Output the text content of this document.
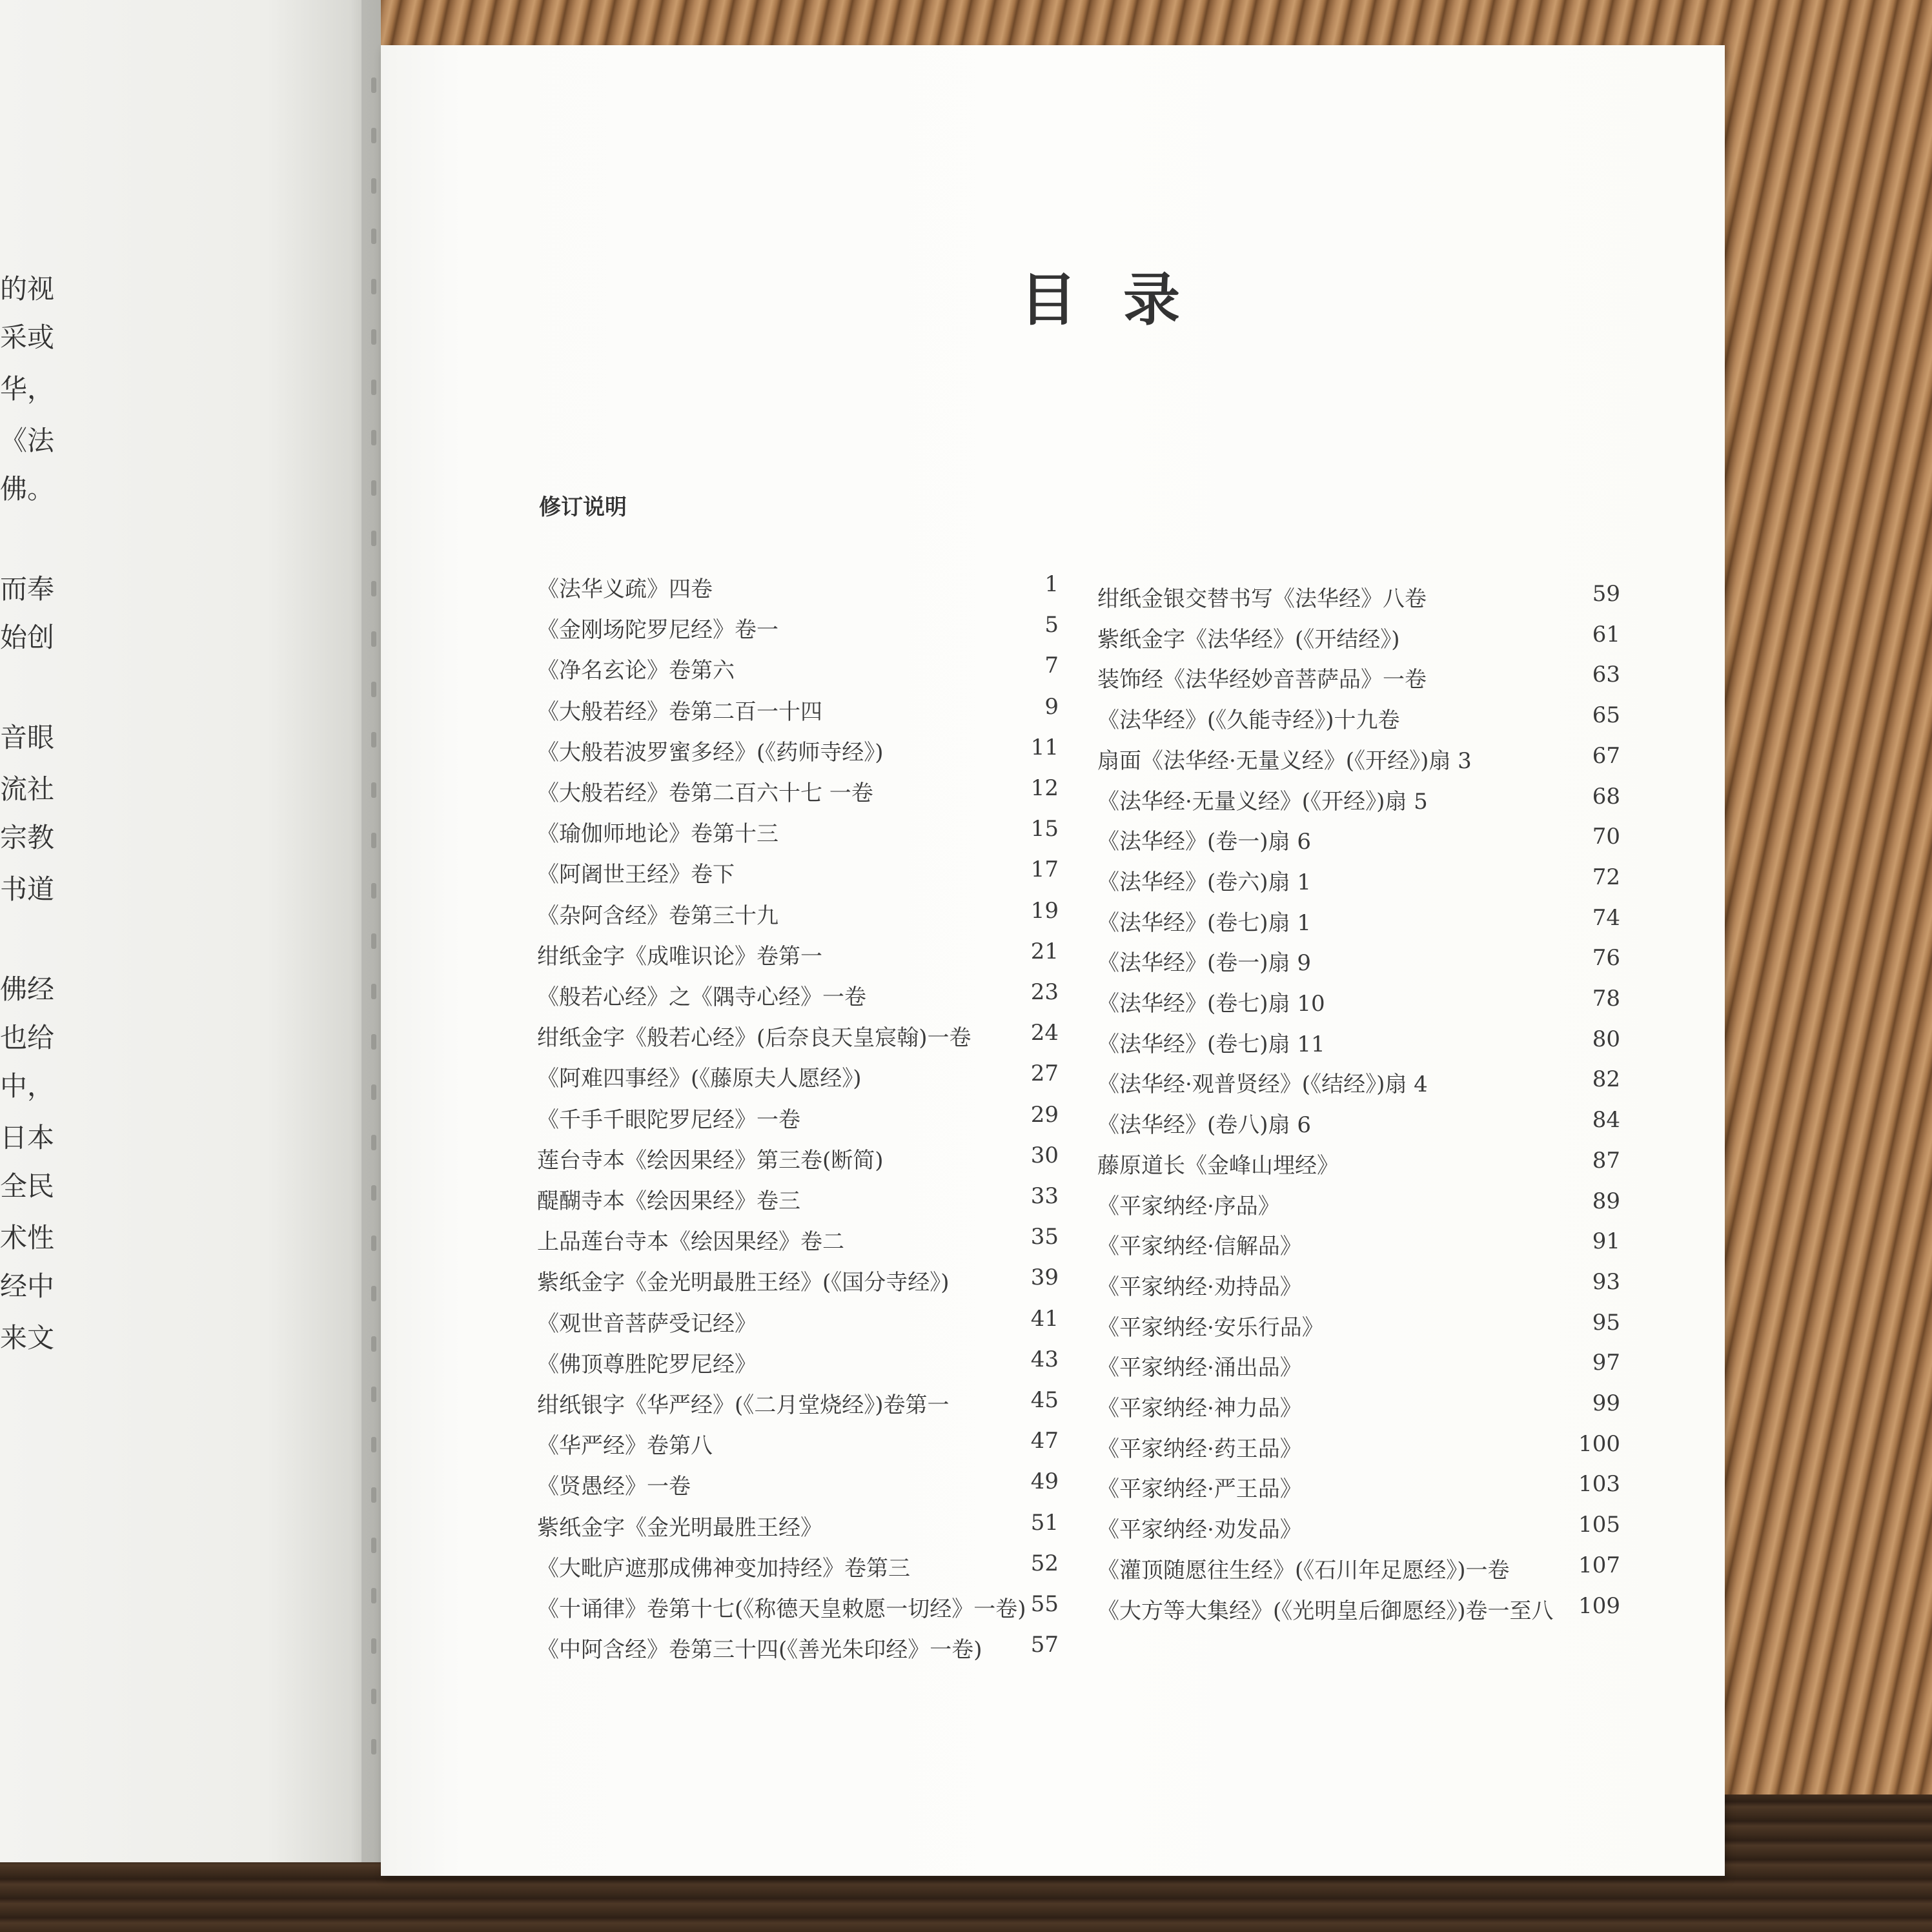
的视
采或
华，
《法
佛。
而奉
始创
音眼
流社
宗教
书道
佛经
也给
中，
日本
全民
术性
经中
来文
目录
修订说明
《法华义疏》四卷	1
《金刚场陀罗尼经》卷一	5
《净名玄论》卷第六	7
《大般若经》卷第二百一十四	9
《大般若波罗蜜多经》(《药师寺经》)	11
《大般若经》卷第二百六十七 一卷	12
《瑜伽师地论》卷第十三	15
《阿阇世王经》卷下	17
《杂阿含经》卷第三十九	19
绀纸金字《成唯识论》卷第一	21
《般若心经》之《隅寺心经》一卷	23
绀纸金字《般若心经》(后奈良天皇宸翰)一卷	24
《阿难四事经》(《藤原夫人愿经》)	27
《千手千眼陀罗尼经》一卷	29
莲台寺本《绘因果经》第三卷(断简)	30
醍醐寺本《绘因果经》卷三	33
上品莲台寺本《绘因果经》卷二	35
紫纸金字《金光明最胜王经》(《国分寺经》)	39
《观世音菩萨受记经》	41
《佛顶尊胜陀罗尼经》	43
绀纸银字《华严经》(《二月堂烧经》)卷第一	45
《华严经》卷第八	47
《贤愚经》一卷	49
紫纸金字《金光明最胜王经》	51
《大毗庐遮那成佛神变加持经》卷第三	52
《十诵律》卷第十七(《称德天皇敕愿一切经》一卷) 55
《中阿含经》卷第三十四(《善光朱印经》一卷)	57
绀纸金银交替书写《法华经》八卷	59
紫纸金字《法华经》(《开结经》)	61
装饰经《法华经妙音菩萨品》一卷	63
《法华经》(《久能寺经》)十九卷	65
扇面《法华经·无量义经》(《开经》)扇 3	67
《法华经·无量义经》(《开经》)扇 5	68
《法华经》(卷一)扇 6	70
《法华经》(卷六)扇 1	72
《法华经》(卷七)扇 1	74
《法华经》(卷一)扇 9	76
《法华经》(卷七)扇 10	78
《法华经》(卷七)扇 11	80
《法华经·观普贤经》(《结经》)扇 4	82
《法华经》(卷八)扇 6	84
藤原道长《金峰山埋经》	87
《平家纳经·序品》	89
《平家纳经·信解品》	91
《平家纳经·劝持品》	93
《平家纳经·安乐行品》	95
《平家纳经·涌出品》	97
《平家纳经·神力品》	99
《平家纳经·药王品》	100
《平家纳经·严王品》	103
《平家纳经·劝发品》	105
《灌顶随愿往生经》(《石川年足愿经》)一卷	107
《大方等大集经》(《光明皇后御愿经》)卷一至八	109
